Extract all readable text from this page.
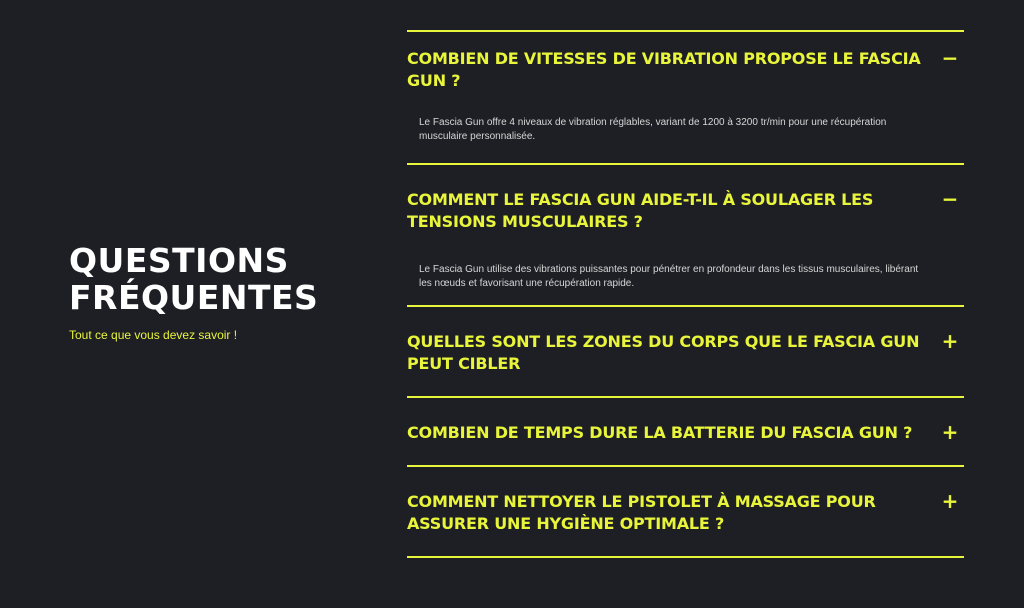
QUESTIONS
FRÉQUENTES
Tout ce que vous devez savoir !
COMBIEN DE VITESSES DE VIBRATION PROPOSE LE FASCIA GUN ?
−
Le Fascia Gun offre 4 niveaux de vibration réglables, variant de 1200 à 3200 tr/min pour une récupération musculaire personnalisée.
COMMENT LE FASCIA GUN AIDE-T-IL À SOULAGER LES TENSIONS MUSCULAIRES ?
−
Le Fascia Gun utilise des vibrations puissantes pour pénétrer en profondeur dans les tissus musculaires, libérant les nœuds et favorisant une récupération rapide.
QUELLES SONT LES ZONES DU CORPS QUE LE FASCIA GUN PEUT CIBLER
+
COMBIEN DE TEMPS DURE LA BATTERIE DU FASCIA GUN ?	+
COMMENT NETTOYER LE PISTOLET À MASSAGE POUR ASSURER UNE HYGIÈNE OPTIMALE ?
+
